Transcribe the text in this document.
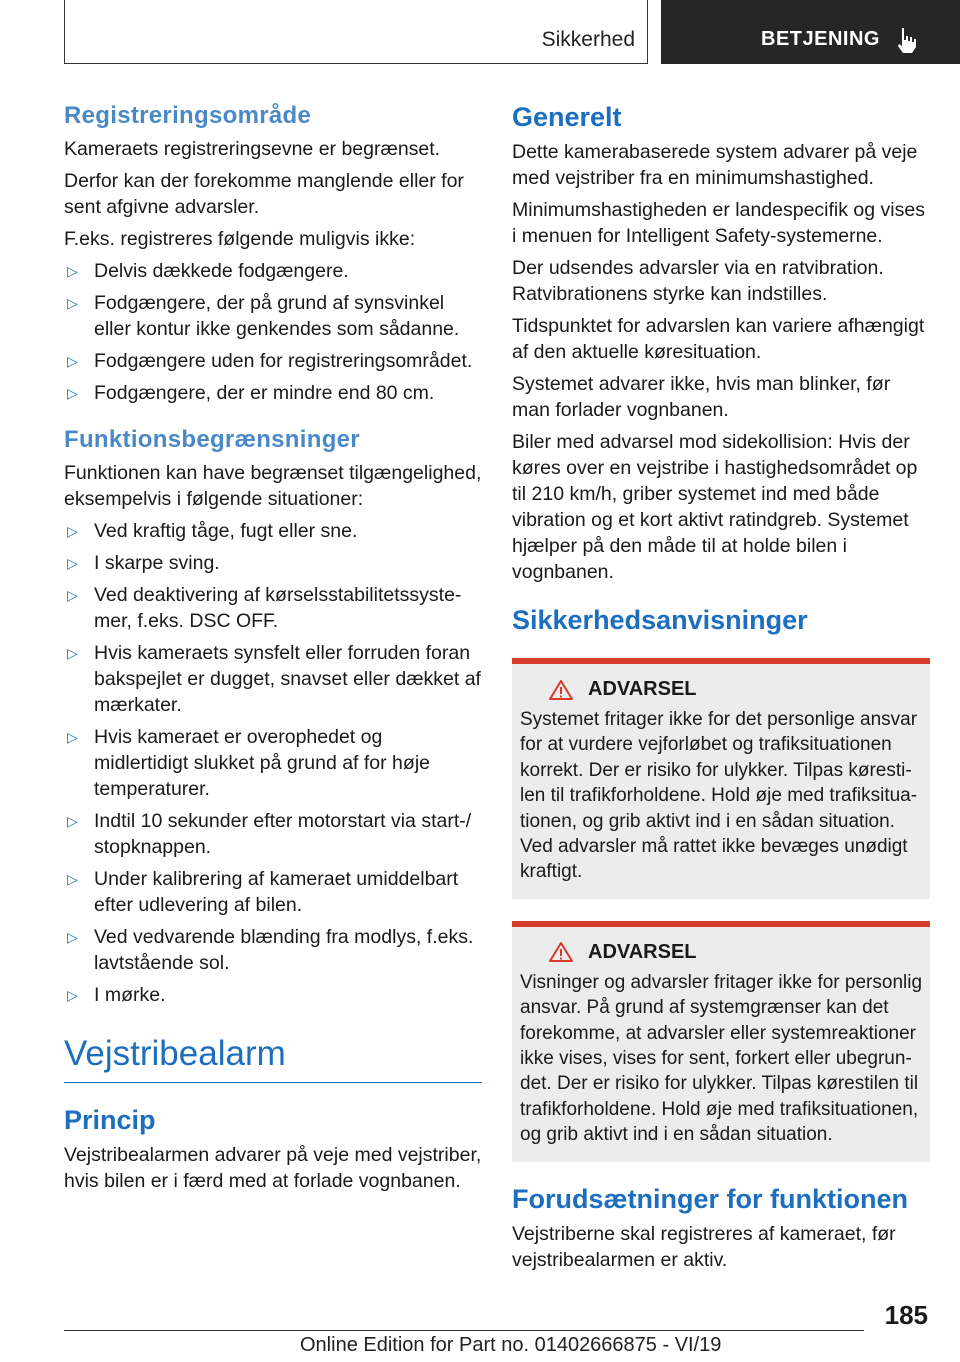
Sikkerhed	BETJENING
Registreringsområde

Kameraets registreringsevne er begrænset.

Derfor kan der forekomme manglende eller for sent afgivne advarsler.

F.eks. registreres følgende muligvis ikke:

▷ Delvis dækkede fodgængere.
▷ Fodgængere, der på grund af synsvinkel eller kontur ikke genkendes som sådanne.
▷ Fodgængere uden for registreringsområdet.
▷ Fodgængere, der er mindre end 80 cm.
Funktionsbegrænsninger

Funktionen kan have begrænset tilgængelighed, eksempelvis i følgende situationer:

▷ Ved kraftig tåge, fugt eller sne.
▷ I skarpe sving.
▷ Ved deaktivering af kørselsstabilitetssystemer, f.eks. DSC OFF.
▷ Hvis kameraets synsfelt eller forruden foran bakspejlet er dugget, snavset eller dækket af mærkater.
▷ Hvis kameraet er overophedet og midlertidigt slukket på grund af for høje temperaturer.
▷ Indtil 10 sekunder efter motorstart via start-/ stopknappen.
▷ Under kalibrering af kameraet umiddelbart efter udlevering af bilen.
▷ Ved vedvarende blænding fra modlys, f.eks. lavtstående sol.
▷ I mørke.
Vejstribealarm
Princip

Vejstribealarmen advarer på veje med vejstriber, hvis bilen er i færd med at forlade vognbanen.

Generelt

Dette kamerabaserede system advarer på veje med vejstriber fra en minimumshastighed.

Minimumshastigheden er landespecifik og vises i menuen for Intelligent Safety-systemerne.

Der udsendes advarsler via en ratvibration. Ratvibrationens styrke kan indstilles.

Tidspunktet for advarslen kan variere afhængigt af den aktuelle køresituation.

Systemet advarer ikke, hvis man blinker, før man forlader vognbanen.

Biler med advarsel mod sidekollision: Hvis der køres over en vejstribe i hastighedsområdet op til 210 km/h, griber systemet ind med både vibration og et kort aktivt ratindgreb. Systemet hjælper på den måde til at holde bilen i vognbanen.

Sikkerhedsanvisninger
ADVARSEL

Systemet fritager ikke for det personlige ansvar for at vurdere vejforløbet og trafiksituationen korrekt. Der er risiko for ulykker. Tilpas kørestilen til trafikforholdene. Hold øje med trafiksituationen, og grib aktivt ind i en sådan situation. Ved advarsler må rattet ikke bevæges unødigt kraftigt.

ADVARSEL

Visninger og advarsler fritager ikke for personlig ansvar. På grund af systemgrænser kan det forekomme, at advarsler eller systemreaktioner ikke vises, vises for sent, forkert eller ubegrundet. Der er risiko for ulykker. Tilpas kørestilen til trafikforholdene. Hold øje med trafiksituationen, og grib aktivt ind i en sådan situation.

Forudsætninger for funktionen

Vejstriberne skal registreres af kameraet, før vejstribealarmen er aktiv.

185
Online Edition for Part no. 01402666875 - VI/19
